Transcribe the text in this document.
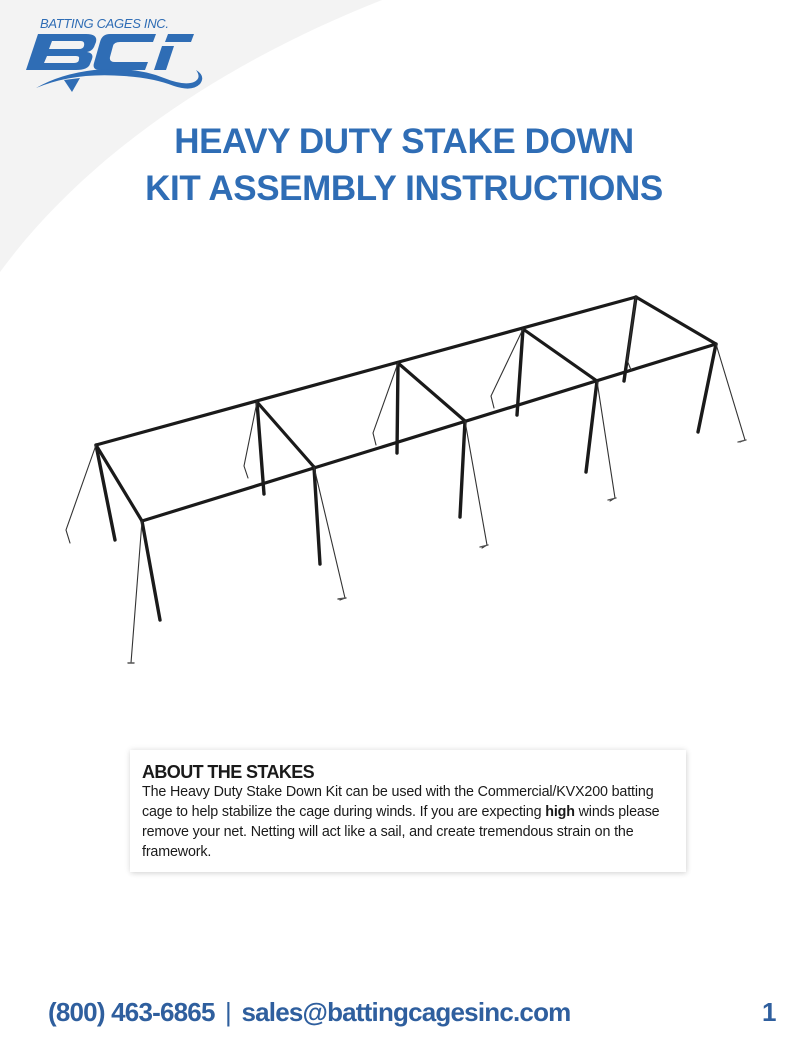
BATTING CAGES INC.
HEAVY DUTY STAKE DOWN
KIT ASSEMBLY INSTRUCTIONS
ABOUT THE STAKES
The Heavy Duty Stake Down Kit can be used with the Commercial/KVX200 batting cage to help stabilize the cage during winds. If you are expecting high winds please remove your net. Netting will act like a sail, and create tremendous strain on the framework.
(800) 463-6865 | sales@battingcagesinc.com	1
